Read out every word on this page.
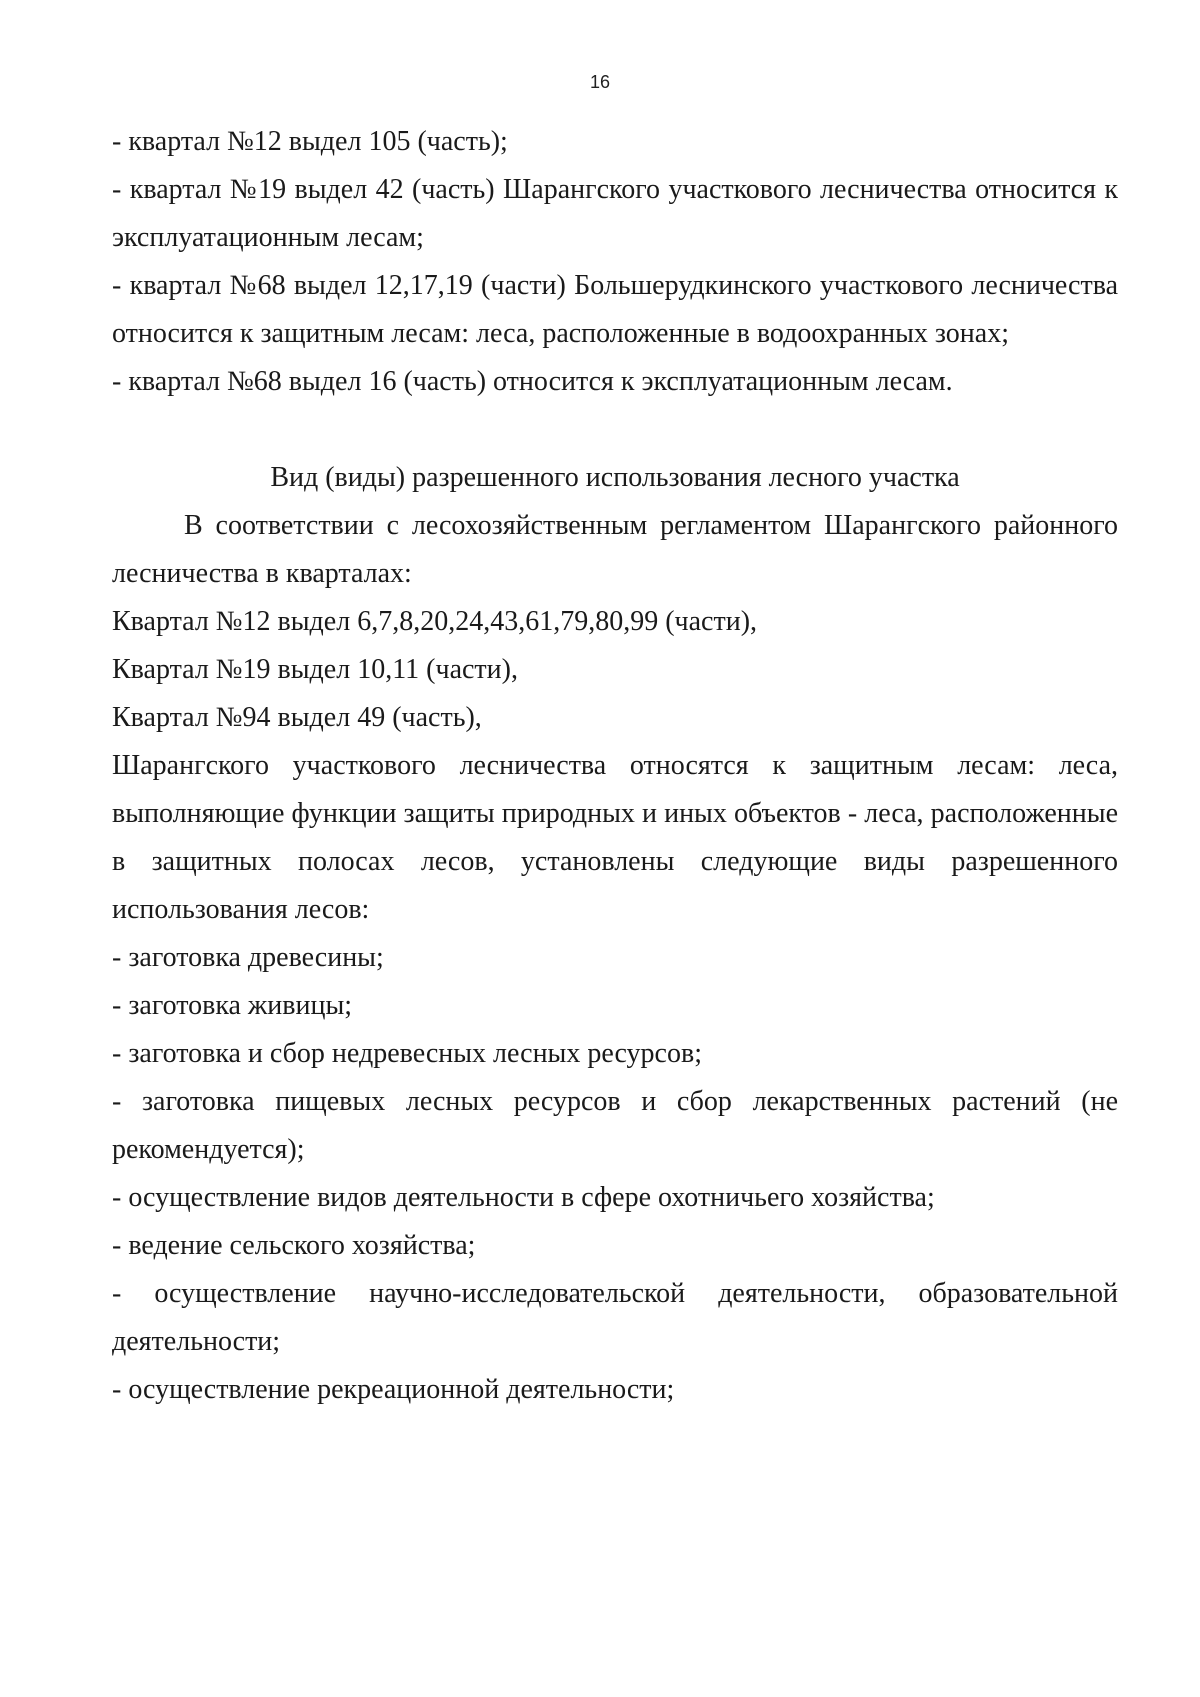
16

- квартал №12 выдел 105 (часть);

- квартал №19 выдел 42 (часть) Шарангского участкового лесничества относится к эксплуатационным лесам;

- квартал №68 выдел 12,17,19 (части) Большерудкинского участкового лесничества относится к защитным лесам: леса, расположенные в водоохранных зонах;

- квартал №68 выдел 16 (часть) относится к эксплуатационным лесам.

Вид (виды) разрешенного использования лесного участка

В соответствии с лесохозяйственным регламентом Шарангского районного лесничества в кварталах:

Квартал №12 выдел 6,7,8,20,24,43,61,79,80,99 (части),

Квартал №19 выдел 10,11 (части),

Квартал №94 выдел 49 (часть),

Шарангского участкового лесничества относятся к защитным лесам: леса, выполняющие функции защиты природных и иных объектов - леса, расположенные в защитных полосах лесов, установлены следующие виды разрешенного использования лесов:

- заготовка древесины;

- заготовка живицы;

- заготовка и сбор недревесных лесных ресурсов;

- заготовка пищевых лесных ресурсов и сбор лекарственных растений (не рекомендуется);

- осуществление видов деятельности в сфере охотничьего хозяйства;

- ведение сельского хозяйства;

- осуществление научно-исследовательской деятельности, образовательной деятельности;

- осуществление рекреационной деятельности;
